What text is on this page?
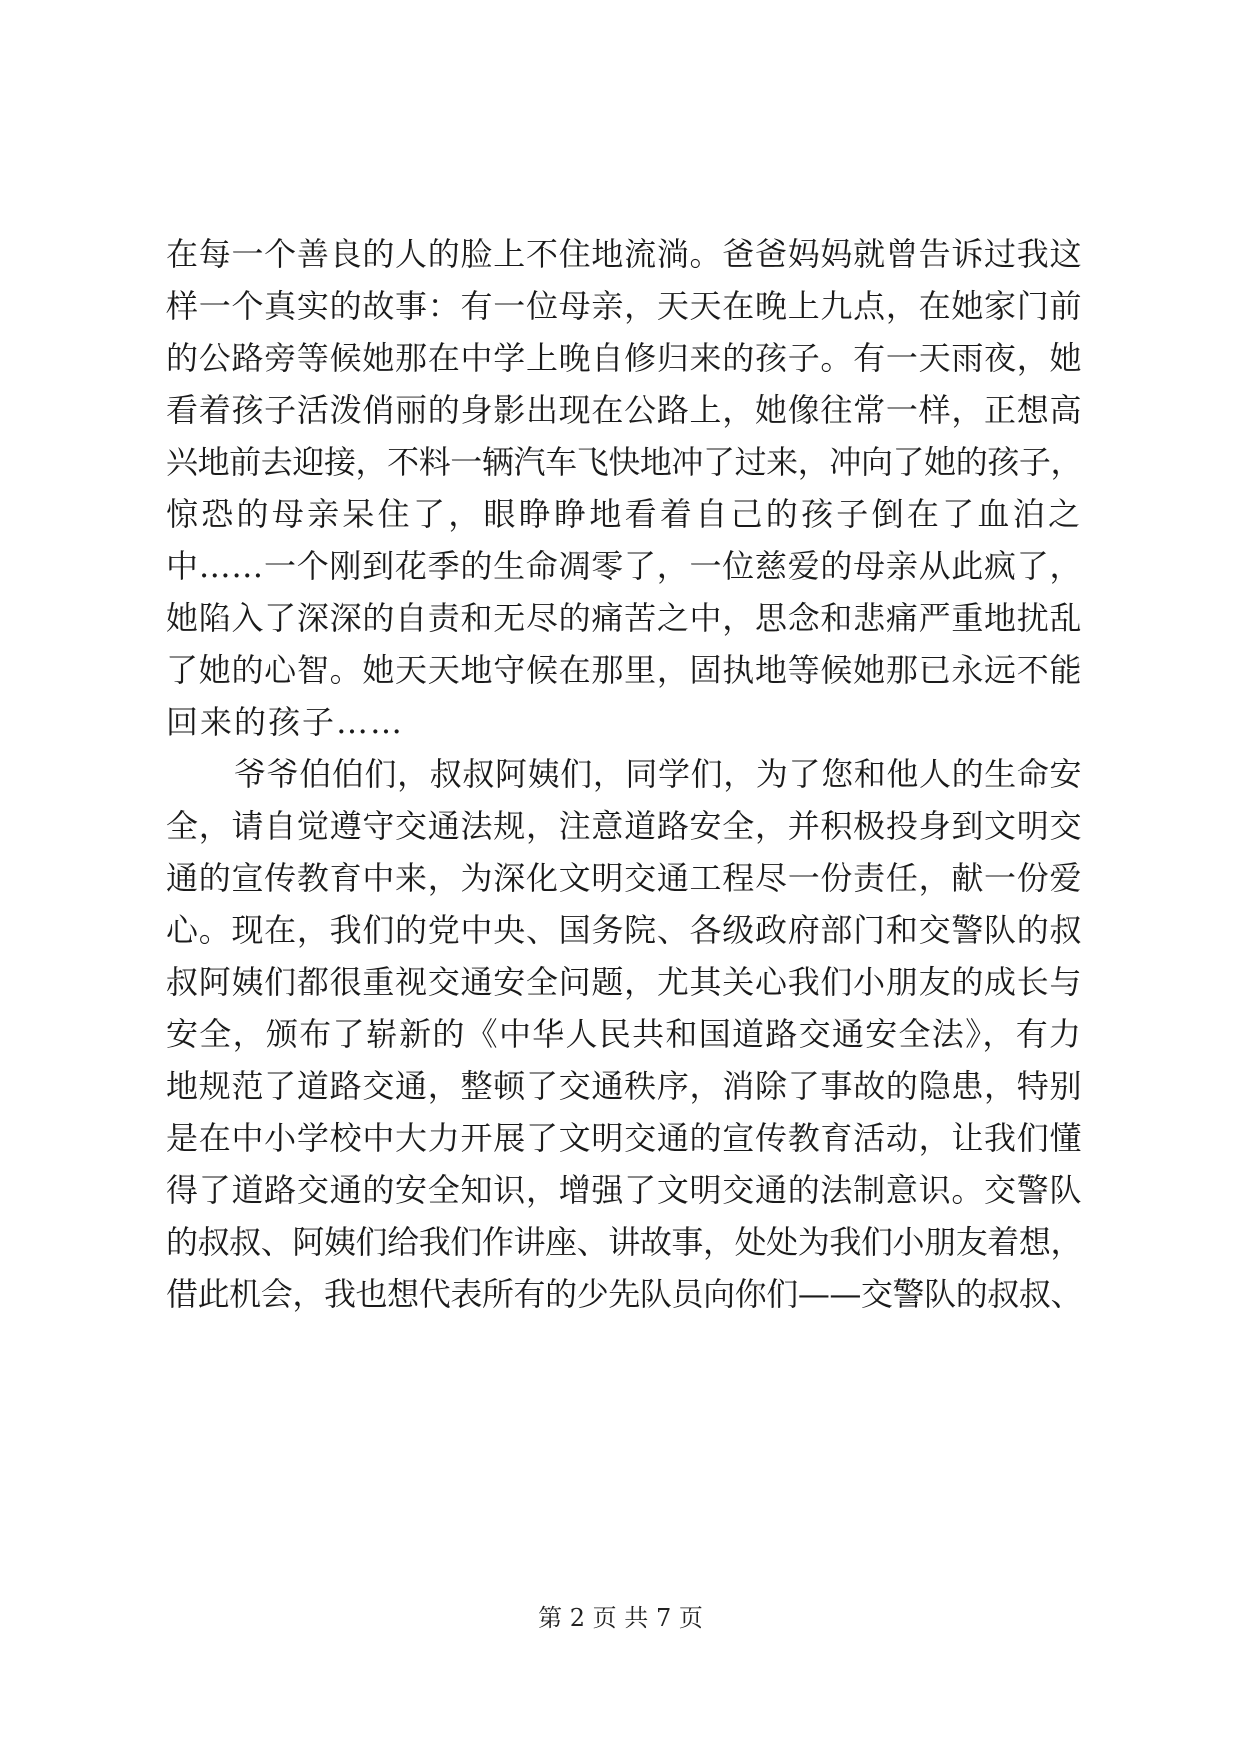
在每一个善良的人的脸上不住地流淌。爸爸妈妈就曾告诉过我这

样一个真实的故事：有一位母亲，天天在晚上九点，在她家门前

的公路旁等候她那在中学上晚自修归来的孩子。有一天雨夜，她

看着孩子活泼俏丽的身影出现在公路上，她像往常一样，正想高

兴地前去迎接，不料一辆汽车飞快地冲了过来，冲向了她的孩子，

惊恐的母亲呆住了，眼睁睁地看着自己的孩子倒在了血泊之

中……一个刚到花季的生命凋零了，一位慈爱的母亲从此疯了，

她陷入了深深的自责和无尽的痛苦之中，思念和悲痛严重地扰乱

了她的心智。她天天地守候在那里，固执地等候她那已永远不能

回来的孩子……

爷爷伯伯们，叔叔阿姨们，同学们，为了您和他人的生命安

全，请自觉遵守交通法规，注意道路安全，并积极投身到文明交

通的宣传教育中来，为深化文明交通工程尽一份责任，献一份爱

心。现在，我们的党中央、国务院、各级政府部门和交警队的叔

叔阿姨们都很重视交通安全问题，尤其关心我们小朋友的成长与

安全，颁布了崭新的《中华人民共和国道路交通安全法》，有力

地规范了道路交通，整顿了交通秩序，消除了事故的隐患，特别

是在中小学校中大力开展了文明交通的宣传教育活动，让我们懂

得了道路交通的安全知识，增强了文明交通的法制意识。交警队

的叔叔、阿姨们给我们作讲座、讲故事，处处为我们小朋友着想，

借此机会，我也想代表所有的少先队员向你们——交警队的叔叔、

第 2 页 共 7 页
